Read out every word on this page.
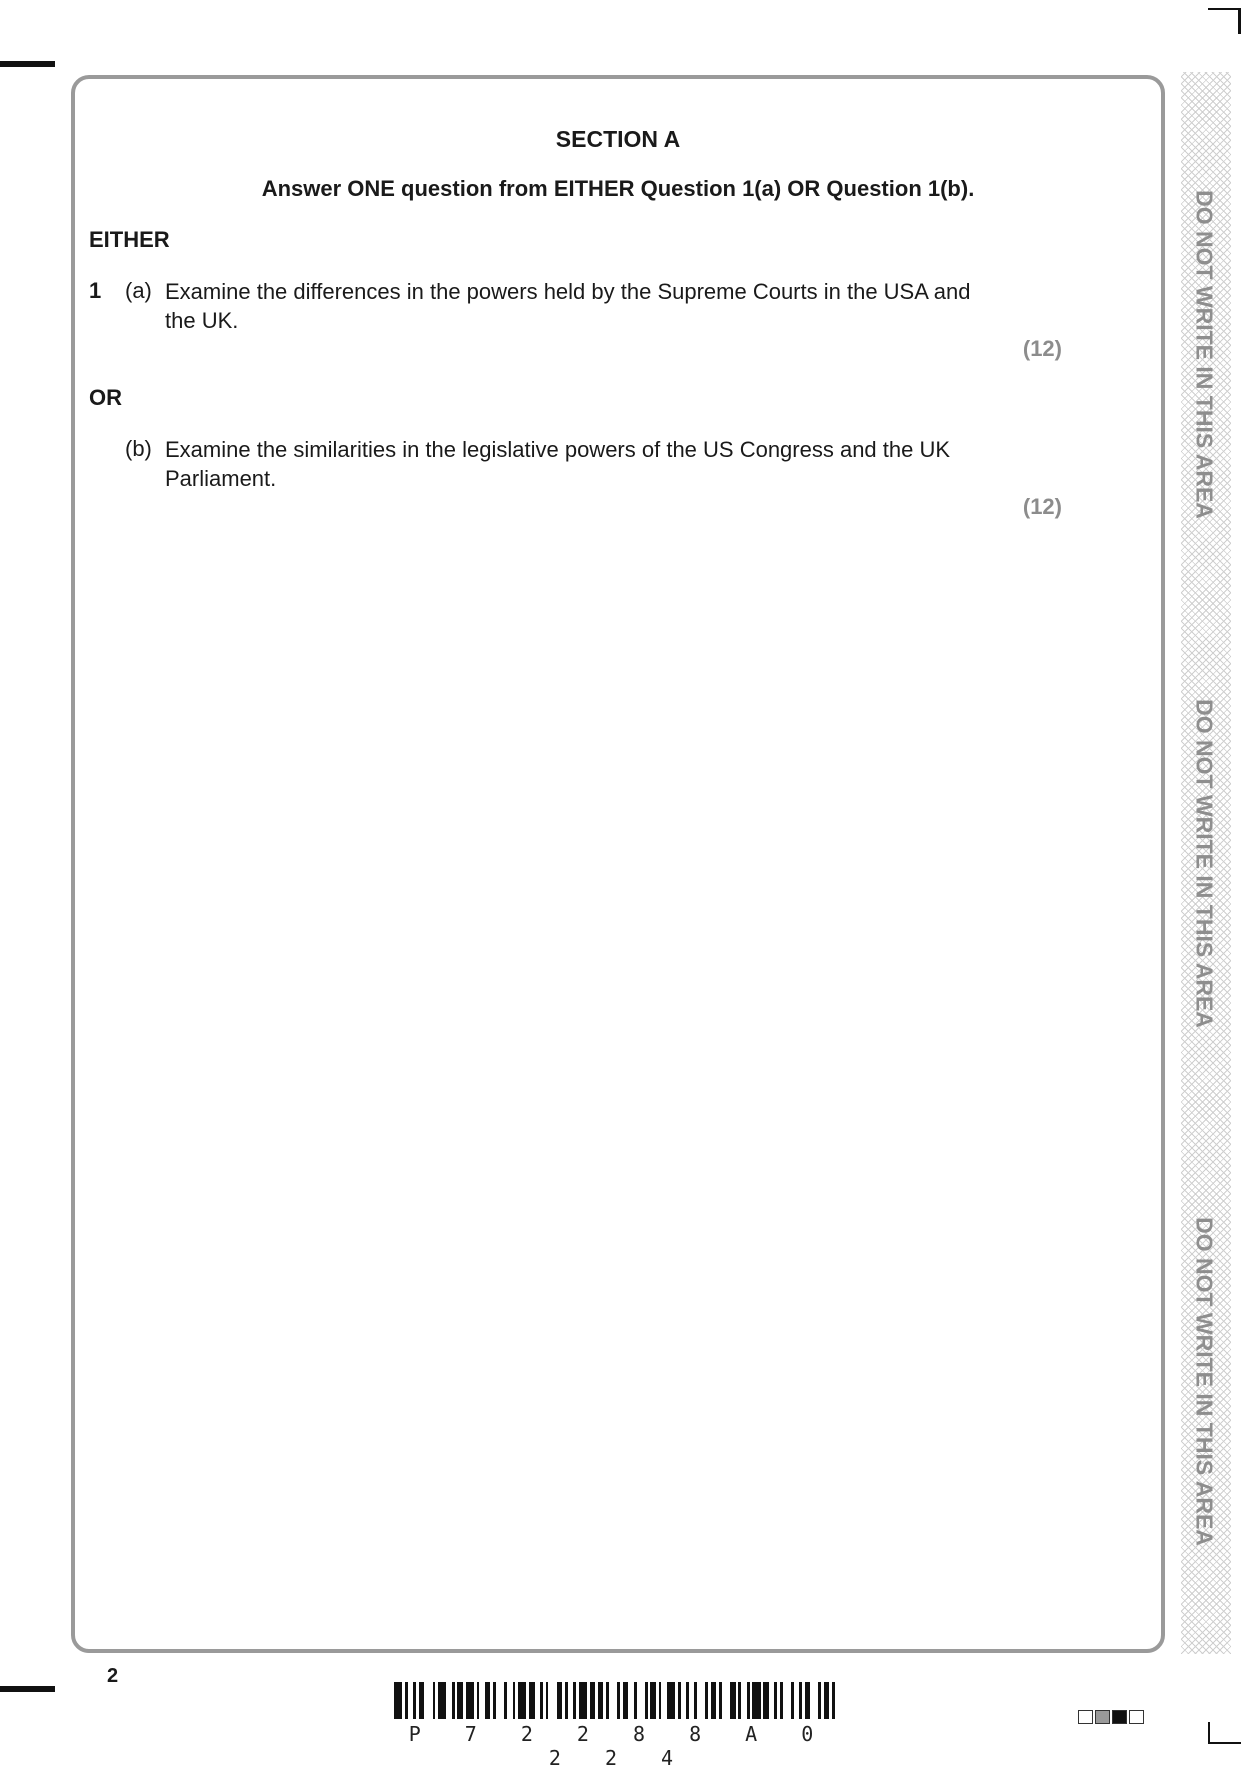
SECTION A
Answer ONE question from EITHER Question 1(a) OR Question 1(b).
EITHER
1 (a) Examine the differences in the powers held by the Supreme Courts in the USA and the UK.
(12)
OR
(b) Examine the similarities in the legislative powers of the US Congress and the UK Parliament.
(12)	DO NOT WRITE IN THIS AREA
DO NOT WRITE IN THIS AREA
DO NOT WRITE IN THIS AREA
2
P 7 2 2 8 8 A 0 2 2 4
